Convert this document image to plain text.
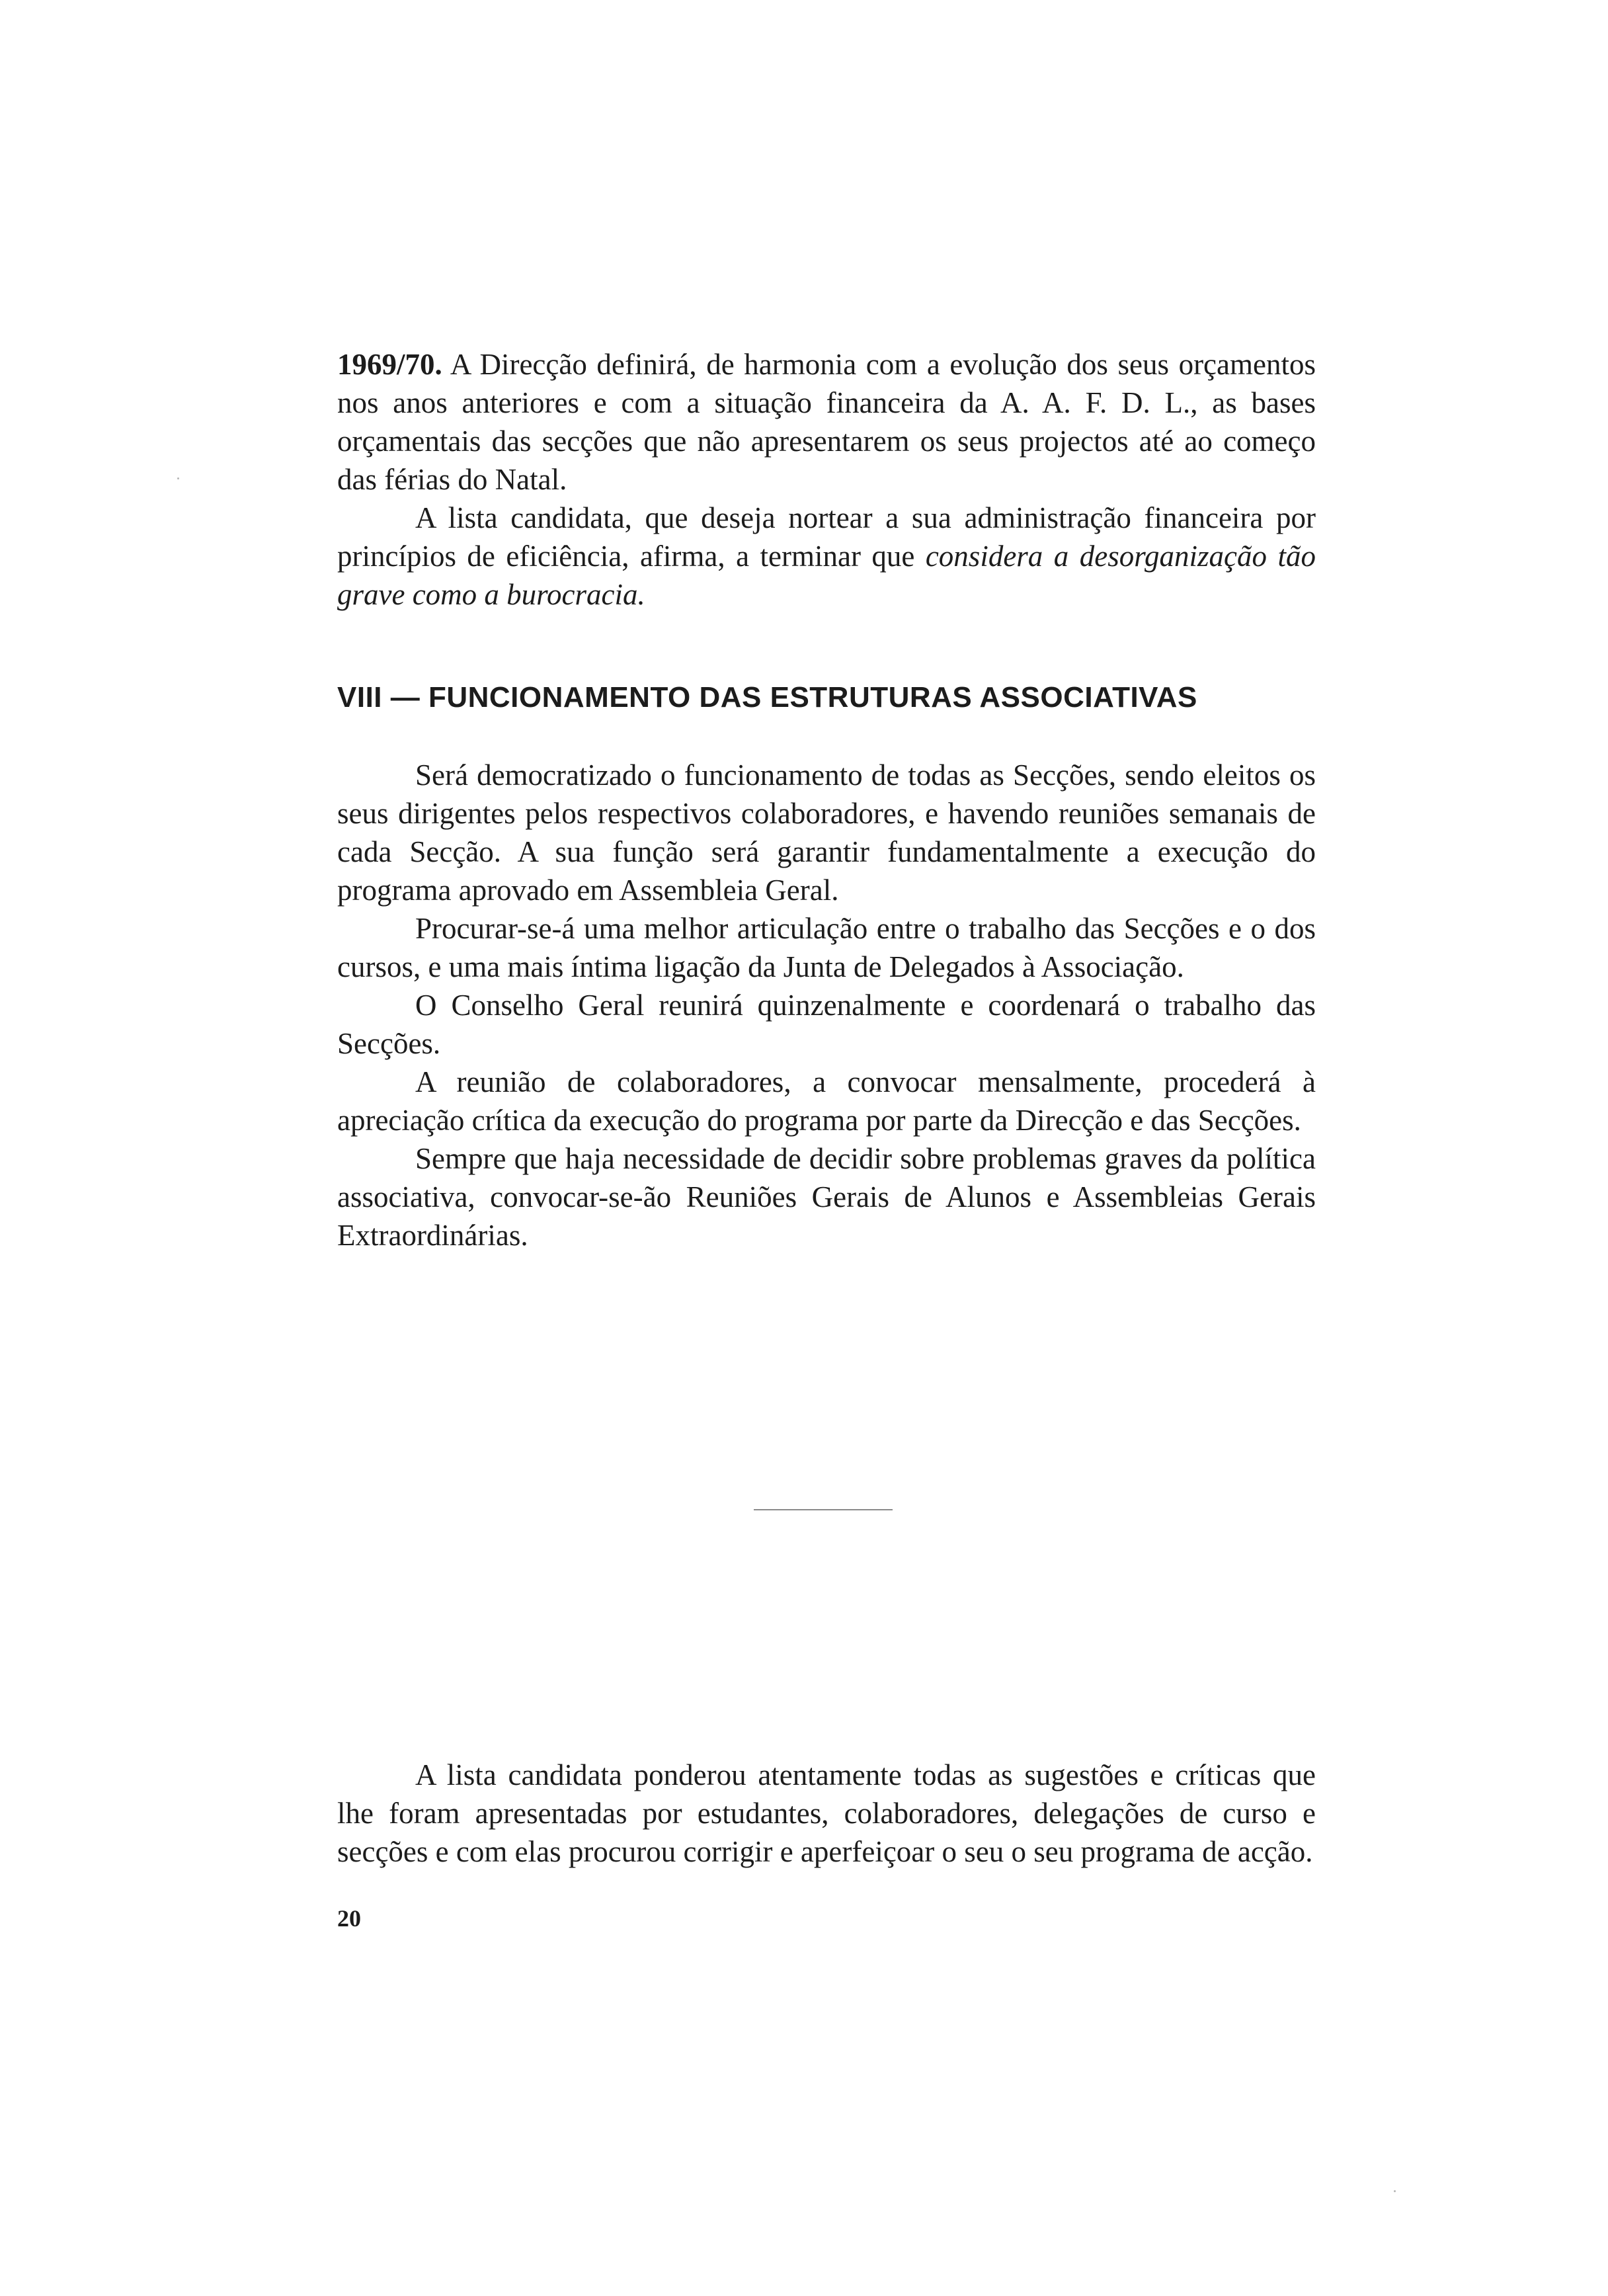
1969/70. A Direcção definirá, de harmonia com a evolução dos seus orçamentos nos anos anteriores e com a situação financeira da A. A. F. D. L., as bases orçamentais das secções que não apresentarem os seus projectos até ao começo das férias do Natal.

A lista candidata, que deseja nortear a sua administração financeira por princípios de eficiência, afirma, a terminar que considera a desorganização tão grave como a burocracia.

VIII — FUNCIONAMENTO DAS ESTRUTURAS ASSOCIATIVAS

Será democratizado o funcionamento de todas as Secções, sendo eleitos os seus dirigentes pelos respectivos colaboradores, e havendo reuniões semanais de cada Secção. A sua função será garantir fundamentalmente a execução do programa aprovado em Assembleia Geral.

Procurar-se-á uma melhor articulação entre o trabalho das Secções e o dos cursos, e uma mais íntima ligação da Junta de Delegados à Associação.

O Conselho Geral reunirá quinzenalmente e coordenará o trabalho das Secções.

A reunião de colaboradores, a convocar mensalmente, procederá à apreciação crítica da execução do programa por parte da Direcção e das Secções.

Sempre que haja necessidade de decidir sobre problemas graves da política associativa, convocar-se-ão Reuniões Gerais de Alunos e Assembleias Gerais Extraordinárias.

A lista candidata ponderou atentamente todas as sugestões e críticas que lhe foram apresentadas por estudantes, colaboradores, delegações de curso e secções e com elas procurou corrigir e aperfeiçoar o seu o seu programa de acção.

20
